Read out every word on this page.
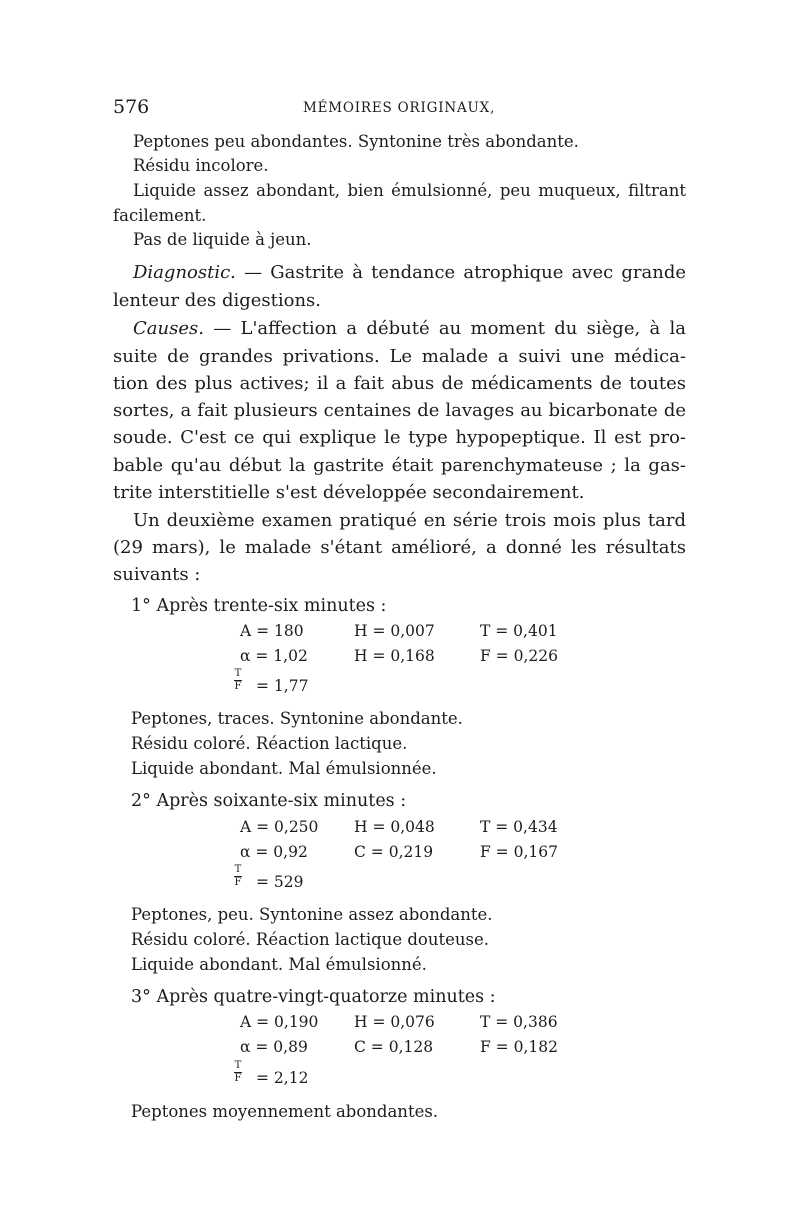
576	MÉMOIRES ORIGINAUX,
Peptones peu abondantes. Syntonine très abondante.
Résidu incolore.
Liquide assez abondant, bien émulsionné, peu muqueux, filtrant
facilement.
Pas de liquide à jeun.
Diagnostic. — Gastrite à tendance atrophique avec grande
lenteur des digestions.
Causes. — L'affection a débuté au moment du siège, à la
suite de grandes privations. Le malade a suivi une médica-
tion des plus actives; il a fait abus de médicaments de toutes
sortes, a fait plusieurs centaines de lavages au bicarbonate de
soude. C'est ce qui explique le type hypopeptique. Il est pro-
bable qu'au début la gastrite était parenchymateuse ; la gas-
trite interstitielle s'est développée secondairement.
Un deuxième examen pratiqué en série trois mois plus tard
(29 mars), le malade s'étant amélioré, a donné les résultats
suivants :
1° Après trente-six minutes :
A = 180	H = 0,007	T = 0,401
α = 1,02	H = 0,168	F = 0,226
T
F = 1,77
Peptones, traces. Syntonine abondante.
Résidu coloré. Réaction lactique.
Liquide abondant. Mal émulsionnée.
2° Après soixante-six minutes :
A = 0,250 H = 0,048	T = 0,434
α = 0,92	C = 0,219	F = 0,167
T
F = 529
Peptones, peu. Syntonine assez abondante.
Résidu coloré. Réaction lactique douteuse.
Liquide abondant. Mal émulsionné.
3° Après quatre-vingt-quatorze minutes :
A = 0,190 H = 0,076	T = 0,386
α = 0,89	C = 0,128	F = 0,182
T
F = 2,12
Peptones moyennement abondantes.
